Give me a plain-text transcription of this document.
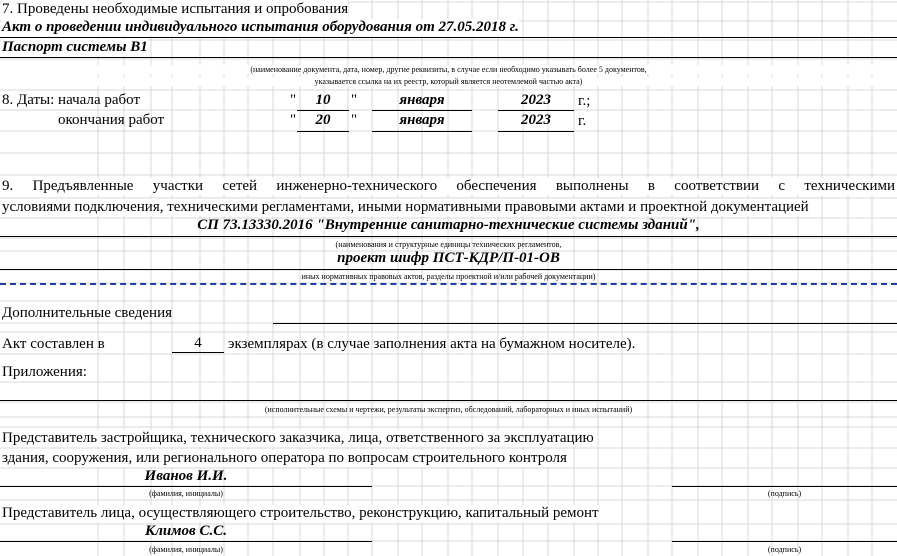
7. Проведены необходимые испытания и опробования
Акт о проведении индивидуального испытания оборудования от 27.05.2018 г.
Паспорт системы В1
(наименование документа, дата, номер, другие реквизиты, в случае если необходимо указывать более 5 документов,
указывается ссылка на их реестр, который является неотемлемой частью акта)
8. Даты: начала работ	"	10	"	января	2023	г.;
окончания работ	"	20	"	января	2023	г.
9. Предъявленные участки сетей инженерно-технического обеспечения выполнены в соответствии с техническими
условиями подключения, техническими регламентами, иными нормативными правовыми актами и проектной документацией
СП 73.13330.2016 "Внутренние санитарно-технические системы зданий",
(наименования и структурные единицы технических регламентов,
проект шифр ПСТ-КДР/П-01-ОВ
иных нормативных правовых актов, разделы проектной и/или рабочей документации)
Дополнительные сведения
Акт составлен в	4	экземплярах (в случае заполнения акта на бумажном носителе).
Приложения:
(исполнительные схемы и чертежи, результаты экспертиз, обследований, лабораторных и иных испытаний)
Представитель застройщика, технического заказчика, лица, ответственного за эксплуатацию
здания, сооружения, или регионального оператора по вопросам строительного контроля
Иванов И.И.
(фамилия, инициалы)	(подпись)
Представитель лица, осуществляющего строительство, реконструкцию, капитальный ремонт
Климов С.С.
(фамилия, инициалы)	(подпись)
